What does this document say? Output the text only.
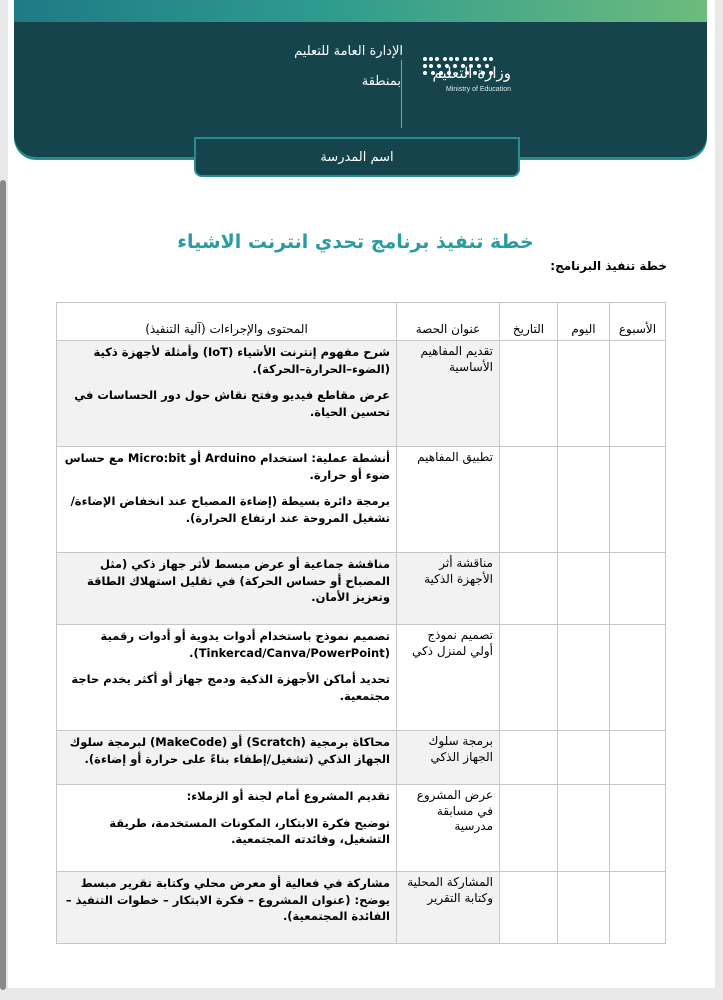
وزارة التعليم
Ministry of Education
الإدارة العامة للتعليم
بمنطقة
اسم المدرسة
خطة تنفيذ برنامج تحدي انترنت الاشياء
خطة تنفيذ البرنامج:
الأسبوع	اليوم	التاريخ	عنوان الحصة	المحتوى والإجراءات (آلية التنفيذ)
			تقديم المفاهيم الأساسية	شرح مفهوم إنترنت الأشياء (IoT) وأمثلة لأجهزة ذكية (الضوء–الحرارة–الحركة).

عرض مقاطع فيديو وفتح نقاش حول دور الحساسات في تحسين الحياة.

			تطبيق المفاهيم	أنشطة عملية: استخدام Arduino أو Micro:bit مع حساس ضوء أو حرارة.

برمجة دائرة بسيطة (إضاءة المصباح عند انخفاض الإضاءة/تشغيل المروحة عند ارتفاع الحرارة).

			مناقشة أثر الأجهزة الذكية	مناقشة جماعية أو عرض مبسط لأثر جهاز ذكي (مثل المصباح أو حساس الحركة) في تقليل استهلاك الطاقة وتعزيز الأمان.

			تصميم نموذج أولي لمنزل ذكي	تصميم نموذج باستخدام أدوات يدوية أو أدوات رقمية (Tinkercad/Canva/PowerPoint).

تحديد أماكن الأجهزة الذكية ودمج جهاز أو أكثر يخدم حاجة مجتمعية.

			برمجة سلوك الجهاز الذكي	محاكاة برمجية (Scratch) أو (MakeCode) لبرمجة سلوك الجهاز الذكي (تشغيل/إطفاء بناءً على حرارة أو إضاءة).

			عرض المشروع في مسابقة مدرسية	تقديم المشروع أمام لجنة أو الزملاء:

توضيح فكرة الابتكار، المكونات المستخدمة، طريقة التشغيل، وفائدته المجتمعية.

			المشاركة المحلية وكتابة التقرير	مشاركة في فعالية أو معرض محلي وكتابة تقرير مبسط يوضح: (عنوان المشروع – فكرة الابتكار – خطوات التنفيذ – الفائدة المجتمعية).
